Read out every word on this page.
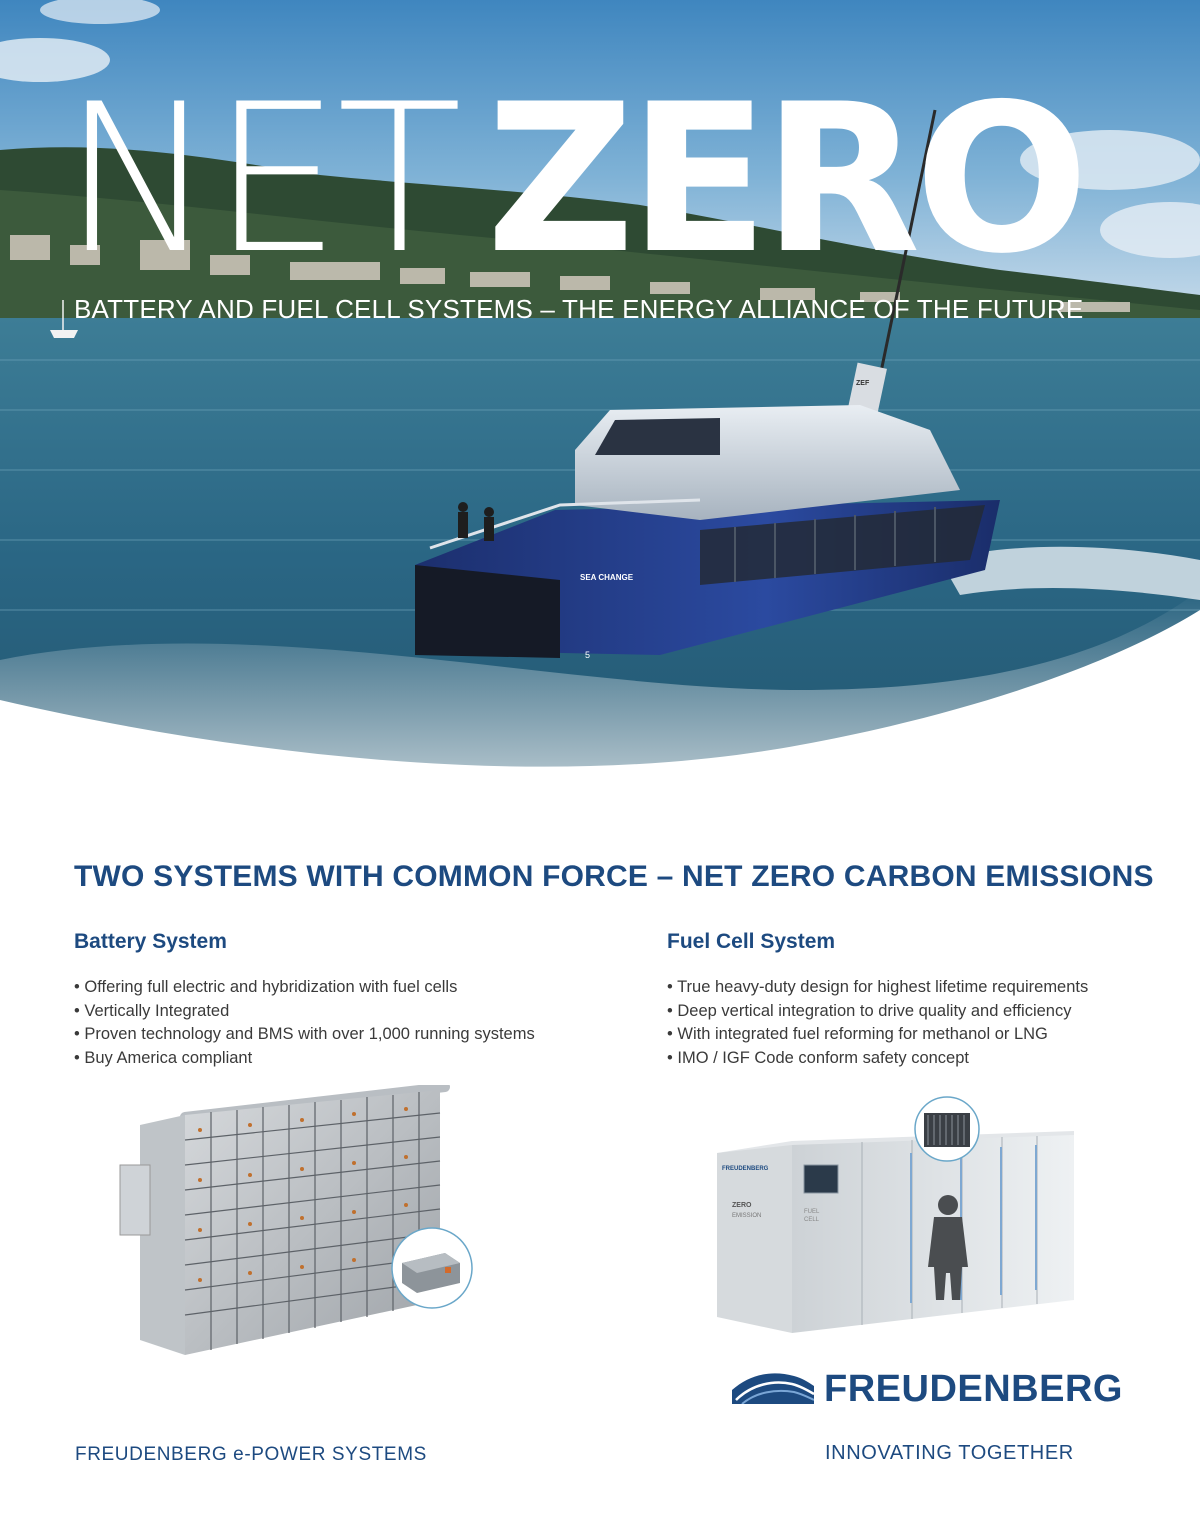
SEA CHANGE
ZEF
5
NET ZERO
BATTERY AND FUEL CELL SYSTEMS – THE ENERGY ALLIANCE OF THE FUTURE
TWO SYSTEMS WITH COMMON FORCE – NET ZERO CARBON EMISSIONS
Battery System
• Offering full electric and hybridization with fuel cells
• Vertically Integrated
• Proven technology and BMS with over 1,000 running systems
• Buy America compliant
Fuel Cell System
• True heavy-duty design for highest lifetime requirements
• Deep vertical integration to drive quality and efficiency
• With integrated fuel reforming for methanol or LNG
• IMO / IGF Code conform safety concept
FREUDENBERG
ZERO
EMISSION
FUEL
CELL
FREUDENBERG e-POWER SYSTEMS
FREUDENBERG
INNOVATING TOGETHER
